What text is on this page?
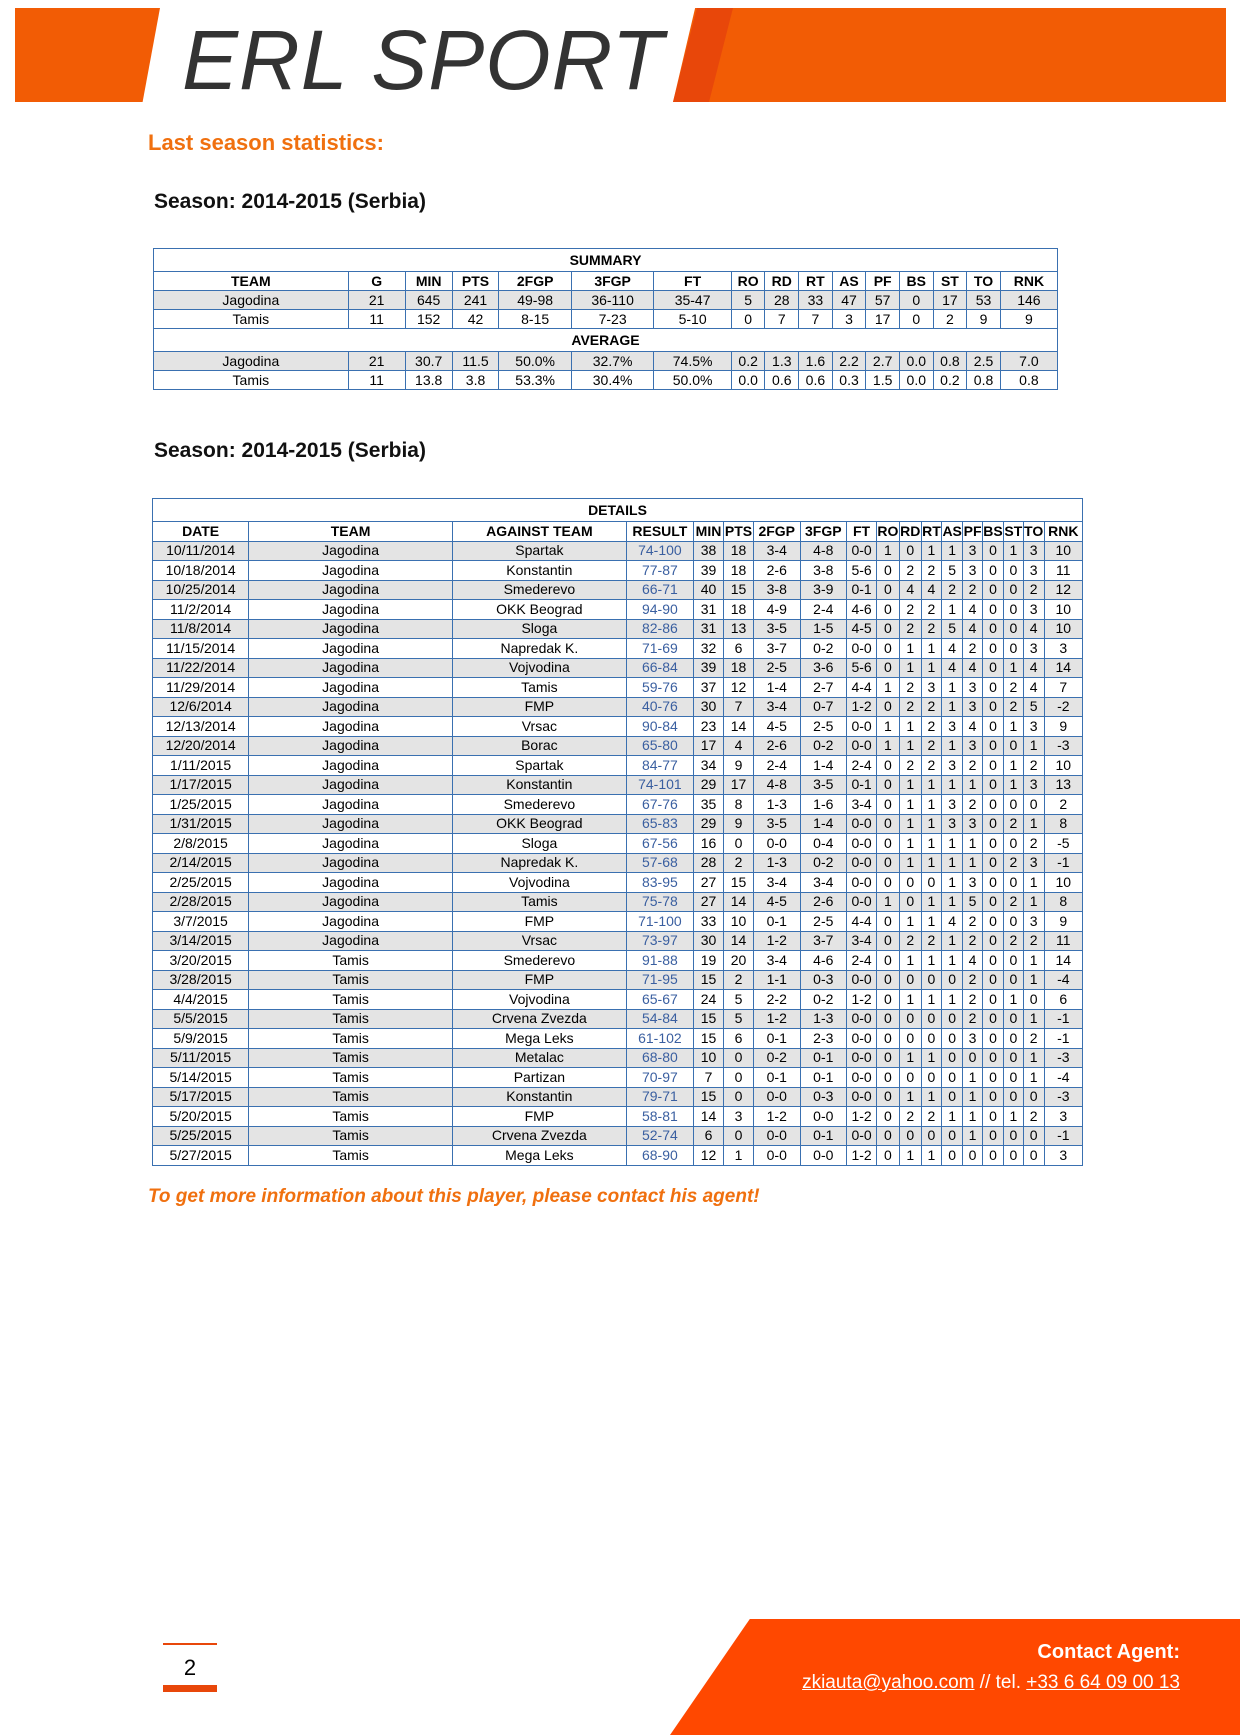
ERL SPORT
Last season statistics:
Season: 2014-2015 (Serbia)
SUMMARY															
TEAM	G	MIN	PTS	2FGP	3FGP	FT	RO	RD	RT	AS	PF	BS	ST	TO	RNK
Jagodina	21	645	241	49-98	36-110	35-47	5	28	33	47	57	0	17	53	146
Tamis	11	152	42	8-15	7-23	5-10	0	7	7	3	17	0	2	9	9
AVERAGE															
Jagodina	21	30.7	11.5	50.0%	32.7%	74.5%	0.2	1.3	1.6	2.2	2.7	0.0	0.8	2.5	7.0
Tamis	11	13.8	3.8	53.3%	30.4%	50.0%	0.0	0.6	0.6	0.3	1.5	0.0	0.2	0.8	0.8
Season: 2014-2015 (Serbia)
DETAILS																	
DATE	TEAM	AGAINST TEAM	RESULT	MIN	PTS	2FGP	3FGP	FT	RO	RD	RT	AS	PF	BS	ST	TO	RNK
10/11/2014	Jagodina	Spartak	74-100	38	18	3-4	4-8	0-0	1	0	1	1	3	0	1	3	10
10/18/2014	Jagodina	Konstantin	77-87	39	18	2-6	3-8	5-6	0	2	2	5	3	0	0	3	11
10/25/2014	Jagodina	Smederevo	66-71	40	15	3-8	3-9	0-1	0	4	4	2	2	0	0	2	12
11/2/2014	Jagodina	OKK Beograd	94-90	31	18	4-9	2-4	4-6	0	2	2	1	4	0	0	3	10
11/8/2014	Jagodina	Sloga	82-86	31	13	3-5	1-5	4-5	0	2	2	5	4	0	0	4	10
11/15/2014	Jagodina	Napredak K.	71-69	32	6	3-7	0-2	0-0	0	1	1	4	2	0	0	3	3
11/22/2014	Jagodina	Vojvodina	66-84	39	18	2-5	3-6	5-6	0	1	1	4	4	0	1	4	14
11/29/2014	Jagodina	Tamis	59-76	37	12	1-4	2-7	4-4	1	2	3	1	3	0	2	4	7
12/6/2014	Jagodina	FMP	40-76	30	7	3-4	0-7	1-2	0	2	2	1	3	0	2	5	-2
12/13/2014	Jagodina	Vrsac	90-84	23	14	4-5	2-5	0-0	1	1	2	3	4	0	1	3	9
12/20/2014	Jagodina	Borac	65-80	17	4	2-6	0-2	0-0	1	1	2	1	3	0	0	1	-3
1/11/2015	Jagodina	Spartak	84-77	34	9	2-4	1-4	2-4	0	2	2	3	2	0	1	2	10
1/17/2015	Jagodina	Konstantin	74-101	29	17	4-8	3-5	0-1	0	1	1	1	1	0	1	3	13
1/25/2015	Jagodina	Smederevo	67-76	35	8	1-3	1-6	3-4	0	1	1	3	2	0	0	0	2
1/31/2015	Jagodina	OKK Beograd	65-83	29	9	3-5	1-4	0-0	0	1	1	3	3	0	2	1	8
2/8/2015	Jagodina	Sloga	67-56	16	0	0-0	0-4	0-0	0	1	1	1	1	0	0	2	-5
2/14/2015	Jagodina	Napredak K.	57-68	28	2	1-3	0-2	0-0	0	1	1	1	1	0	2	3	-1
2/25/2015	Jagodina	Vojvodina	83-95	27	15	3-4	3-4	0-0	0	0	0	1	3	0	0	1	10
2/28/2015	Jagodina	Tamis	75-78	27	14	4-5	2-6	0-0	1	0	1	1	5	0	2	1	8
3/7/2015	Jagodina	FMP	71-100	33	10	0-1	2-5	4-4	0	1	1	4	2	0	0	3	9
3/14/2015	Jagodina	Vrsac	73-97	30	14	1-2	3-7	3-4	0	2	2	1	2	0	2	2	11
3/20/2015	Tamis	Smederevo	91-88	19	20	3-4	4-6	2-4	0	1	1	1	4	0	0	1	14
3/28/2015	Tamis	FMP	71-95	15	2	1-1	0-3	0-0	0	0	0	0	2	0	0	1	-4
4/4/2015	Tamis	Vojvodina	65-67	24	5	2-2	0-2	1-2	0	1	1	1	2	0	1	0	6
5/5/2015	Tamis	Crvena Zvezda	54-84	15	5	1-2	1-3	0-0	0	0	0	0	2	0	0	1	-1
5/9/2015	Tamis	Mega Leks	61-102	15	6	0-1	2-3	0-0	0	0	0	0	3	0	0	2	-1
5/11/2015	Tamis	Metalac	68-80	10	0	0-2	0-1	0-0	0	1	1	0	0	0	0	1	-3
5/14/2015	Tamis	Partizan	70-97	7	0	0-1	0-1	0-0	0	0	0	0	1	0	0	1	-4
5/17/2015	Tamis	Konstantin	79-71	15	0	0-0	0-3	0-0	0	1	1	0	1	0	0	0	-3
5/20/2015	Tamis	FMP	58-81	14	3	1-2	0-0	1-2	0	2	2	1	1	0	1	2	3
5/25/2015	Tamis	Crvena Zvezda	52-74	6	0	0-0	0-1	0-0	0	0	0	0	1	0	0	0	-1
5/27/2015	Tamis	Mega Leks	68-90	12	1	0-0	0-0	1-2	0	1	1	0	0	0	0	0	3
To get more information about this player, please contact his agent!
2
Contact Agent:
zkiauta@yahoo.com // tel. +33 6 64 09 00 13
